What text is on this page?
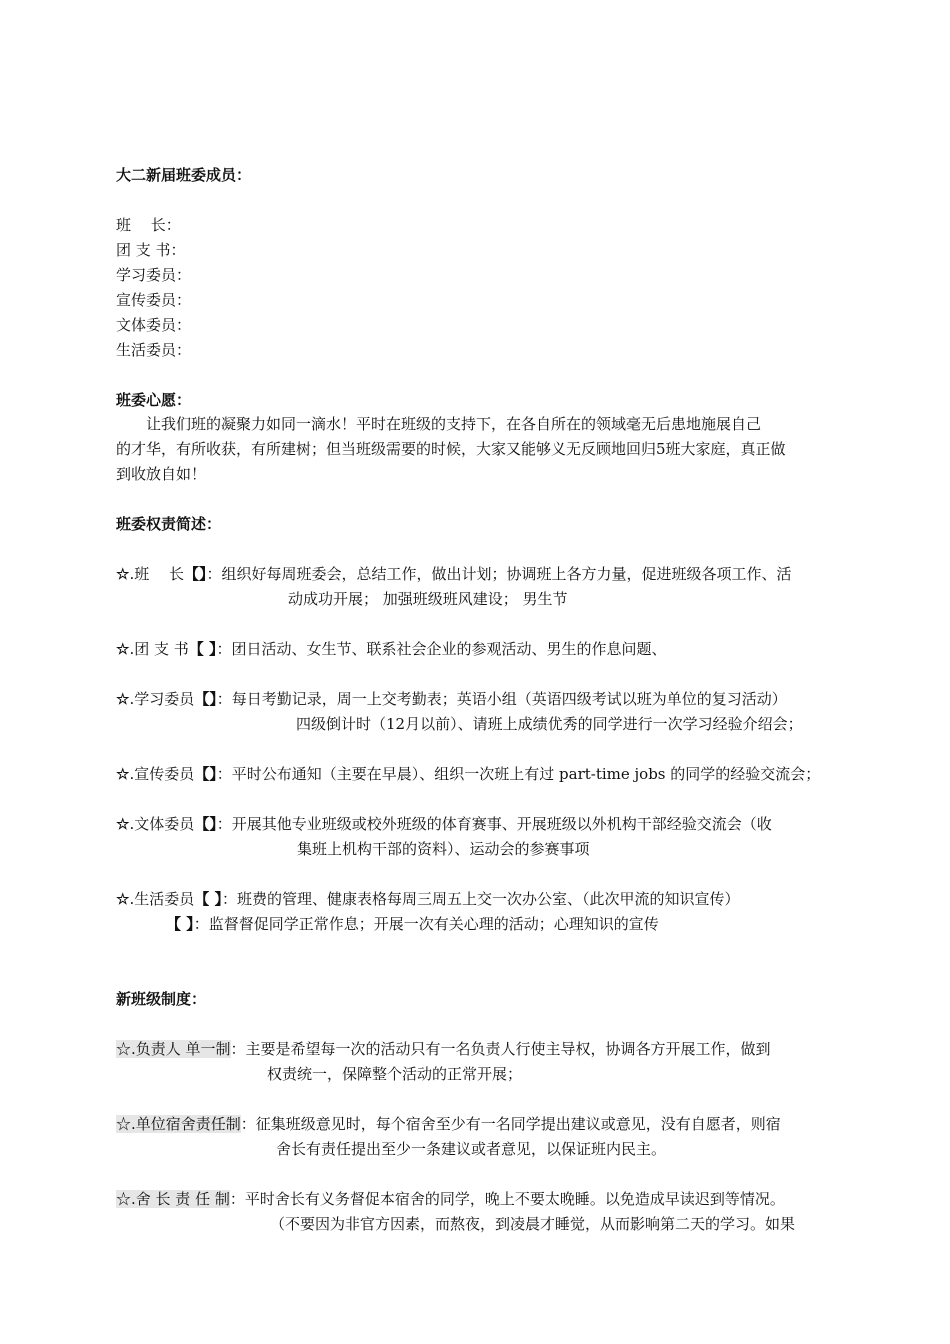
大二新届班委成员：
班　 长：
团 支 书：
学习委员：
宣传委员：
文体委员：
生活委员：
班委心愿：
让我们班的凝聚力如同一滴水！平时在班级的支持下，在各自所在的领域毫无后患地施展自己
的才华，有所收获，有所建树；但当班级需要的时候，大家又能够义无反顾地回归5班大家庭，真正做
到收放自如！
班委权责简述：
☆.班　 长【】：组织好每周班委会，总结工作，做出计划；协调班上各方力量，促进班级各项工作、活
动成功开展； 加强班级班风建设； 男生节
☆.团 支 书【 】：团日活动、女生节、联系社会企业的参观活动、男生的作息问题、
☆.学习委员【】：每日考勤记录，周一上交考勤表；英语小组（英语四级考试以班为单位的复习活动）
四级倒计时（12月以前）、请班上成绩优秀的同学进行一次学习经验介绍会；
☆.宣传委员【】：平时公布通知（主要在早晨）、组织一次班上有过 part-time jobs 的同学的经验交流会；
☆.文体委员【】：开展其他专业班级或校外班级的体育赛事、开展班级以外机构干部经验交流会（收
集班上机构干部的资料）、运动会的参赛事项
☆.生活委员【 】：班费的管理、健康表格每周三周五上交一次办公室、（此次甲流的知识宣传）
【 】：监督督促同学正常作息；开展一次有关心理的活动；心理知识的宣传
新班级制度：
☆.负责人 单一制：主要是希望每一次的活动只有一名负责人行使主导权，协调各方开展工作，做到
权责统一，保障整个活动的正常开展；
☆.单位宿舍责任制：征集班级意见时，每个宿舍至少有一名同学提出建议或意见，没有自愿者，则宿
舍长有责任提出至少一条建议或者意见，以保证班内民主。
☆.舍 长 责 任 制：平时舍长有义务督促本宿舍的同学，晚上不要太晚睡。以免造成早读迟到等情况。
（不要因为非官方因素，而熬夜，到凌晨才睡觉，从而影响第二天的学习。如果
